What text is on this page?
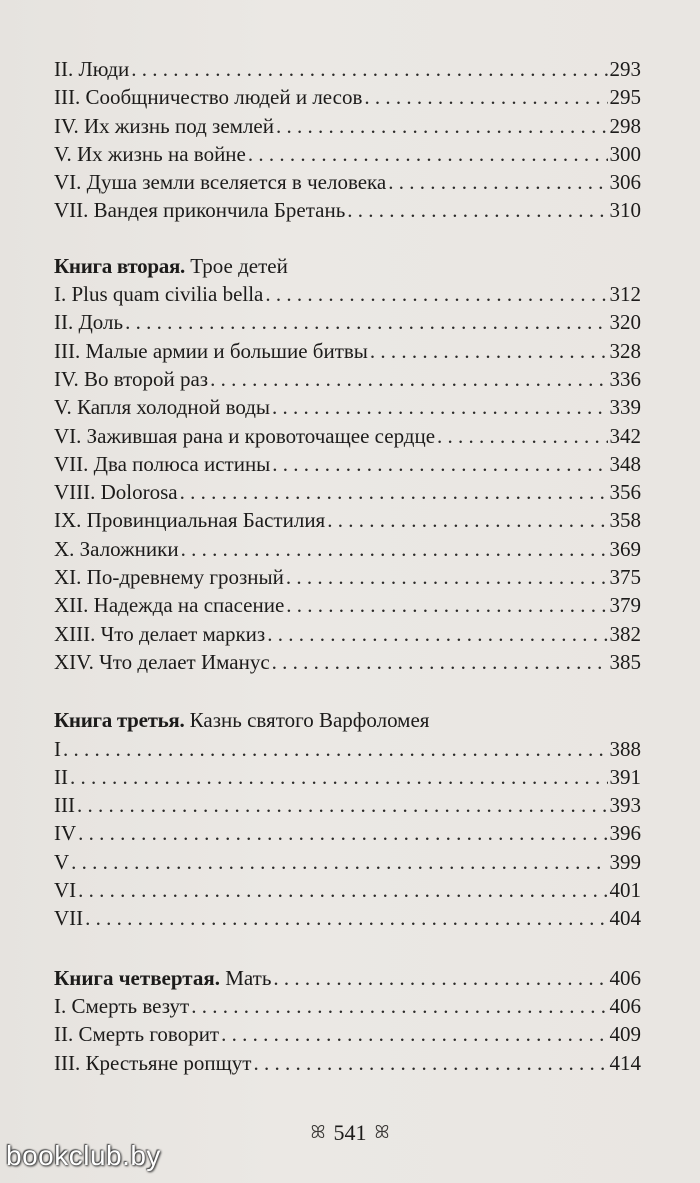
II. Люди . . .	293
III. Сообщничество людей и лесов . . .	295
IV. Их жизнь под землей . . .	298
V. Их жизнь на войне . . .	300
VI. Душа земли вселяется в человека . . .	306
VII. Вандея прикончила Бретань . . .	310
Книга вторая. Трое детей
I. Plus quam civilia bella . . .	312
II. Доль . . .	320
III. Малые армии и большие битвы . . .	328
IV. Во второй раз . . .	336
V. Капля холодной воды . . .	339
VI. Зажившая рана и кровоточащее сердце . . .	342
VII. Два полюса истины . . .	348
VIII. Dolorosa . . .	356
IX. Провинциальная Бастилия . . .	358
X. Заложники . . .	369
XI. По-древнему грозный . . .	375
XII. Надежда на спасение . . .	379
XIII. Что делает маркиз . . .	382
XIV. Что делает Иманус . . .	385
Книга третья. Казнь святого Варфоломея
I . . .	388
II . . .	391
III . . .	393
IV . . .	396
V . . .	399
VI . . .	401
VII . . .	404
Книга четвертая. Мать . . .	406
I. Смерть везут . . .	406
II. Смерть говорит . . .	409
III. Крестьяне ропщут . . .	414
ꕤ 541 ꕤ
bookclub.by
